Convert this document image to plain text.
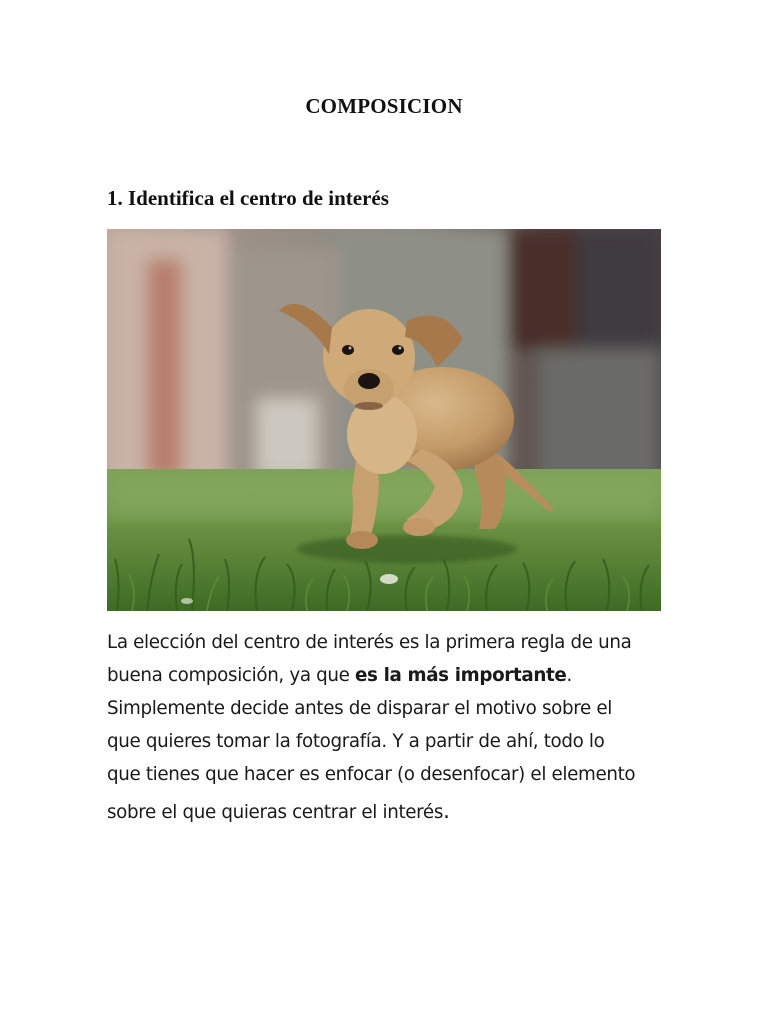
COMPOSICION
1. Identifica el centro de interés
La elección del centro de interés es la primera regla de una
buena composición, ya que es la más importante.
Simplemente decide antes de disparar el motivo sobre el
que quieres tomar la fotografía. Y a partir de ahí, todo lo
que tienes que hacer es enfocar (o desenfocar) el elemento
sobre el que quieras centrar el interés.
